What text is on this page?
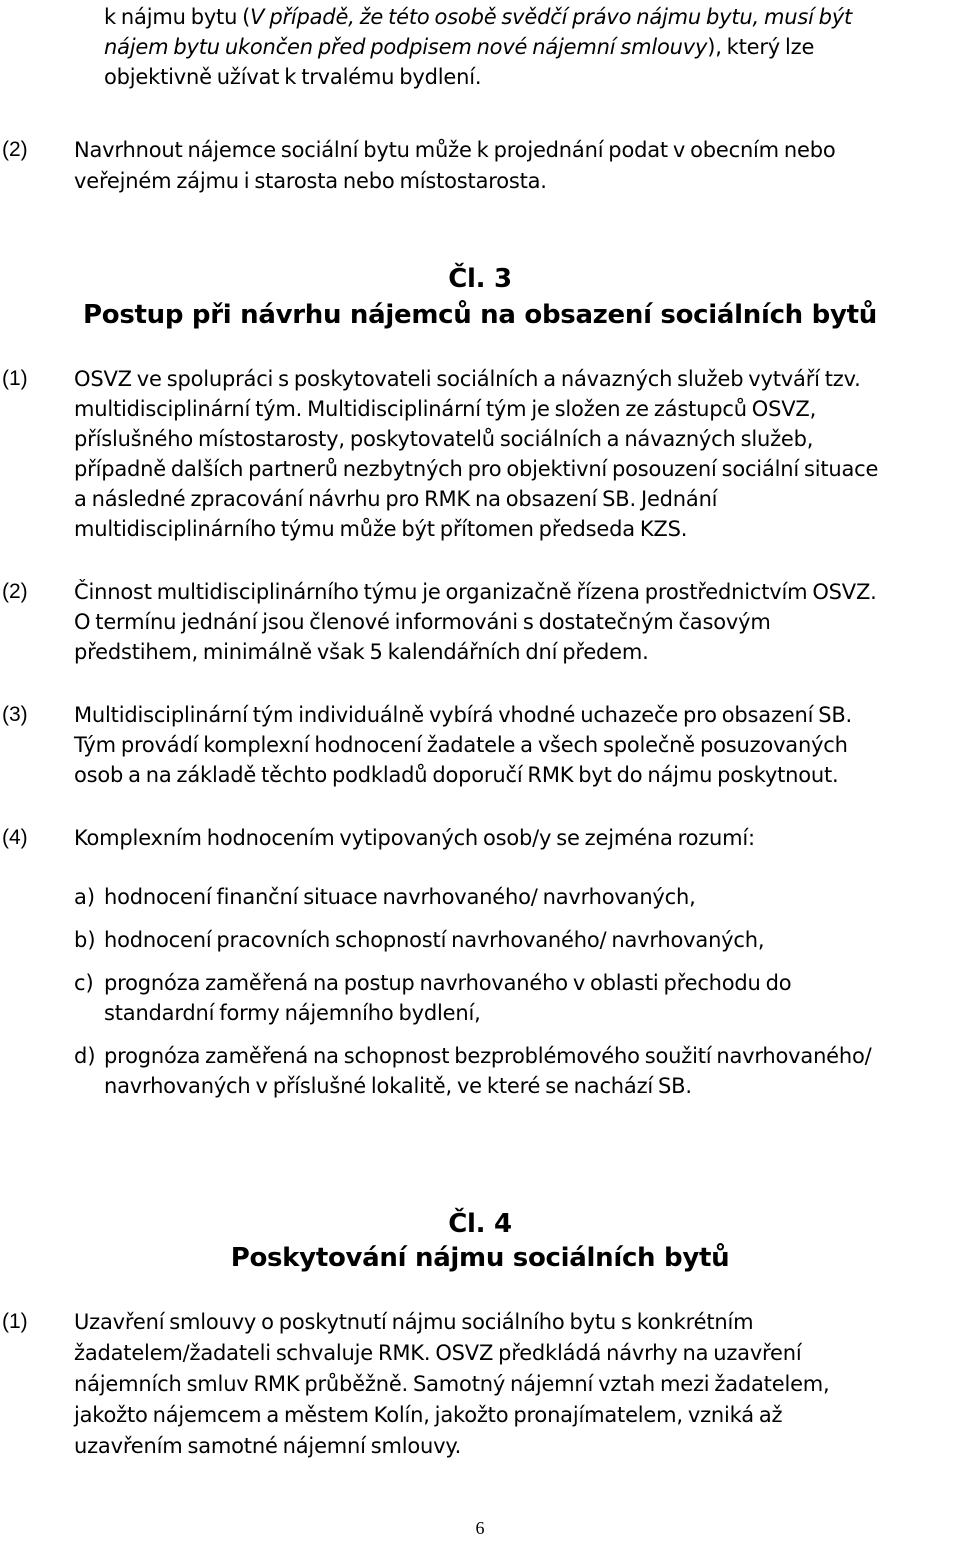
k nájmu bytu (V případě, že této osobě svědčí právo nájmu bytu, musí být
nájem bytu ukončen před podpisem nové nájemní smlouvy), který lze
objektivně užívat k trvalému bydlení.
(2) Navrhnout nájemce sociální bytu může k projednání podat v obecním nebo
veřejném zájmu i starosta nebo místostarosta.
Čl. 3
Postup při návrhu nájemců na obsazení sociálních bytů
(1) OSVZ ve spolupráci s poskytovateli sociálních a návazných služeb vytváří tzv.
multidisciplinární tým. Multidisciplinární tým je složen ze zástupců OSVZ,
příslušného místostarosty, poskytovatelů sociálních a návazných služeb,
případně dalších partnerů nezbytných pro objektivní posouzení sociální situace
a následné zpracování návrhu pro RMK na obsazení SB. Jednání
multidisciplinárního týmu může být přítomen předseda KZS.
(2) Činnost multidisciplinárního týmu je organizačně řízena prostřednictvím OSVZ.
O termínu jednání jsou členové informováni s dostatečným časovým
předstihem, minimálně však 5 kalendářních dní předem.
(3) Multidisciplinární tým individuálně vybírá vhodné uchazeče pro obsazení SB.
Tým provádí komplexní hodnocení žadatele a všech společně posuzovaných
osob a na základě těchto podkladů doporučí RMK byt do nájmu poskytnout.
(4) Komplexním hodnocením vytipovaných osob/y se zejména rozumí:
a) hodnocení finanční situace navrhovaného/ navrhovaných,
b) hodnocení pracovních schopností navrhovaného/ navrhovaných,
c) prognóza zaměřená na postup navrhovaného v oblasti přechodu do
standardní formy nájemního bydlení,
d) prognóza zaměřená na schopnost bezproblémového soužití navrhovaného/
navrhovaných v příslušné lokalitě, ve které se nachází SB.
Čl. 4
Poskytování nájmu sociálních bytů
(1) Uzavření smlouvy o poskytnutí nájmu sociálního bytu s konkrétním
žadatelem/žadateli schvaluje RMK. OSVZ předkládá návrhy na uzavření
nájemních smluv RMK průběžně. Samotný nájemní vztah mezi žadatelem,
jakožto nájemcem a městem Kolín, jakožto pronajímatelem, vzniká až
uzavřením samotné nájemní smlouvy.
6
